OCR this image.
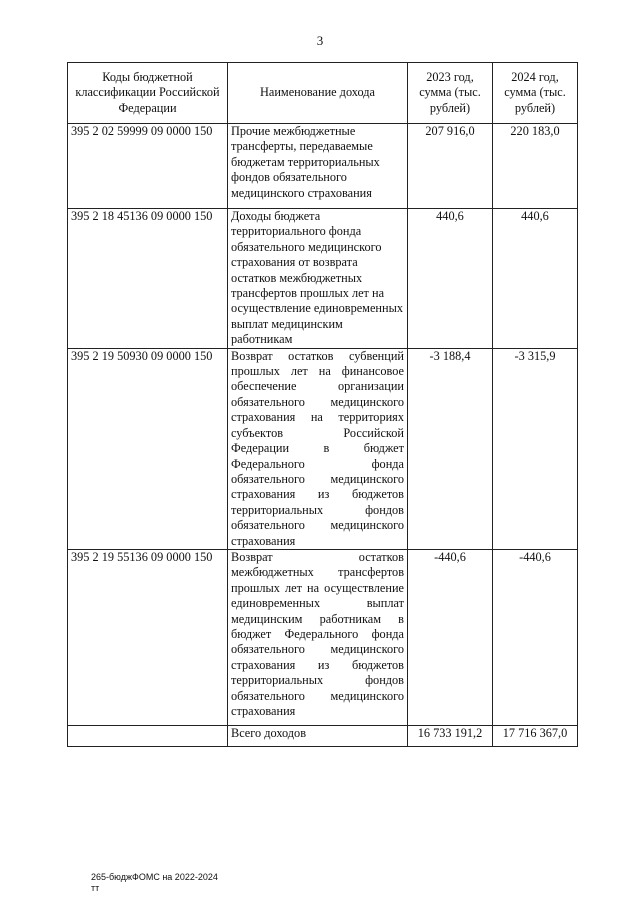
3
Коды бюджетной классификации Российской Федерации	Наименование дохода	2023 год, сумма (тыс. рублей)	2024 год, сумма (тыс. рублей)
395 2 02 59999 09 0000 150	Прочие межбюджетные трансферты, передаваемые бюджетам территориальных фондов обязательного медицинского страхования	207 916,0	220 183,0
395 2 18 45136 09 0000 150	Доходы бюджета территориального фонда обязательного медицинского страхования от возврата остатков межбюджетных трансфертов прошлых лет на осуществление единовременных выплат медицинским работникам	440,6	440,6
395 2 19 50930 09 0000 150	Возврат остатков субвенций прошлых лет на финансовое обеспечение организации обязательного медицинского страхования на территориях субъектов Российской Федерации в бюджет Федерального фонда обязательного медицинского страхования из бюджетов территориальных фондов обязательного медицинского страхования	-3 188,4	-3 315,9
395 2 19 55136 09 0000 150	Возврат остатков межбюджетных трансфертов прошлых лет на осуществление единовременных выплат медицинским работникам в бюджет Федерального фонда обязательного медицинского страхования из бюджетов территориальных фондов обязательного медицинского страхования	-440,6	-440,6
	Всего доходов	16 733 191,2	17 716 367,0
265-бюджФОМС на 2022-2024
тт
